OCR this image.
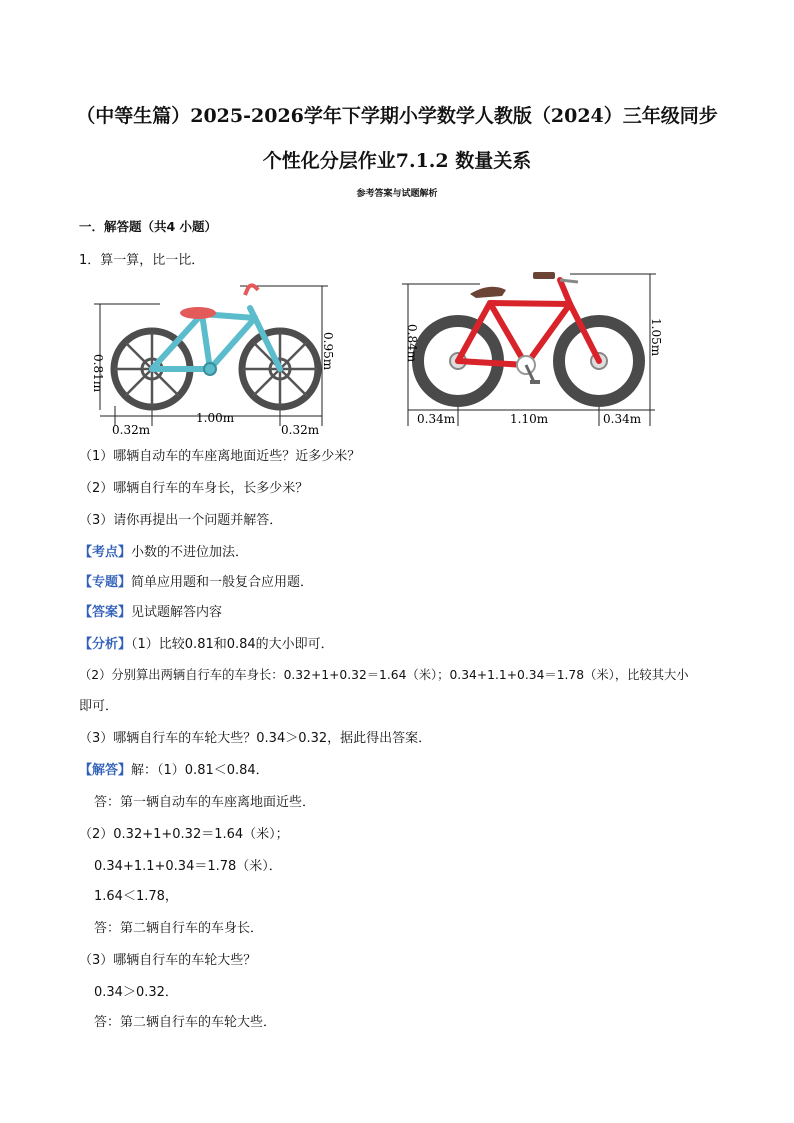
（中等生篇）2025-2026学年下学期小学数学人教版（2024）三年级同步
个性化分层作业7.1.2 数量关系
参考答案与试题解析
一．解答题（共4 小题）
1．算一算，比一比．
0.81m
0.95m
0.32m
1.00m
0.32m
0.84m	1.05m
0.34m	1.10m	0.34m
（1）哪辆自动车的车座离地面近些？近多少米？
（2）哪辆自行车的车身长，长多少米？
（3）请你再提出一个问题并解答．
【考点】小数的不进位加法．
【专题】简单应用题和一般复合应用题．
【答案】见试题解答内容
【分析】（1）比较0.81和0.84的大小即可．
（2）分别算出两辆自行车的车身长：0.32+1+0.32＝1.64（米）；0.34+1.1+0.34＝1.78（米），比较其大小
即可．
（3）哪辆自行车的车轮大些？0.34＞0.32，据此得出答案．
【解答】解：（1）0.81＜0.84．
答：第一辆自动车的车座离地面近些．
（2）0.32+1+0.32＝1.64（米）；
0.34+1.1+0.34＝1.78（米）．
1.64＜1.78，
答：第二辆自行车的车身长．
（3）哪辆自行车的车轮大些？
0.34＞0.32．
答：第二辆自行车的车轮大些．
